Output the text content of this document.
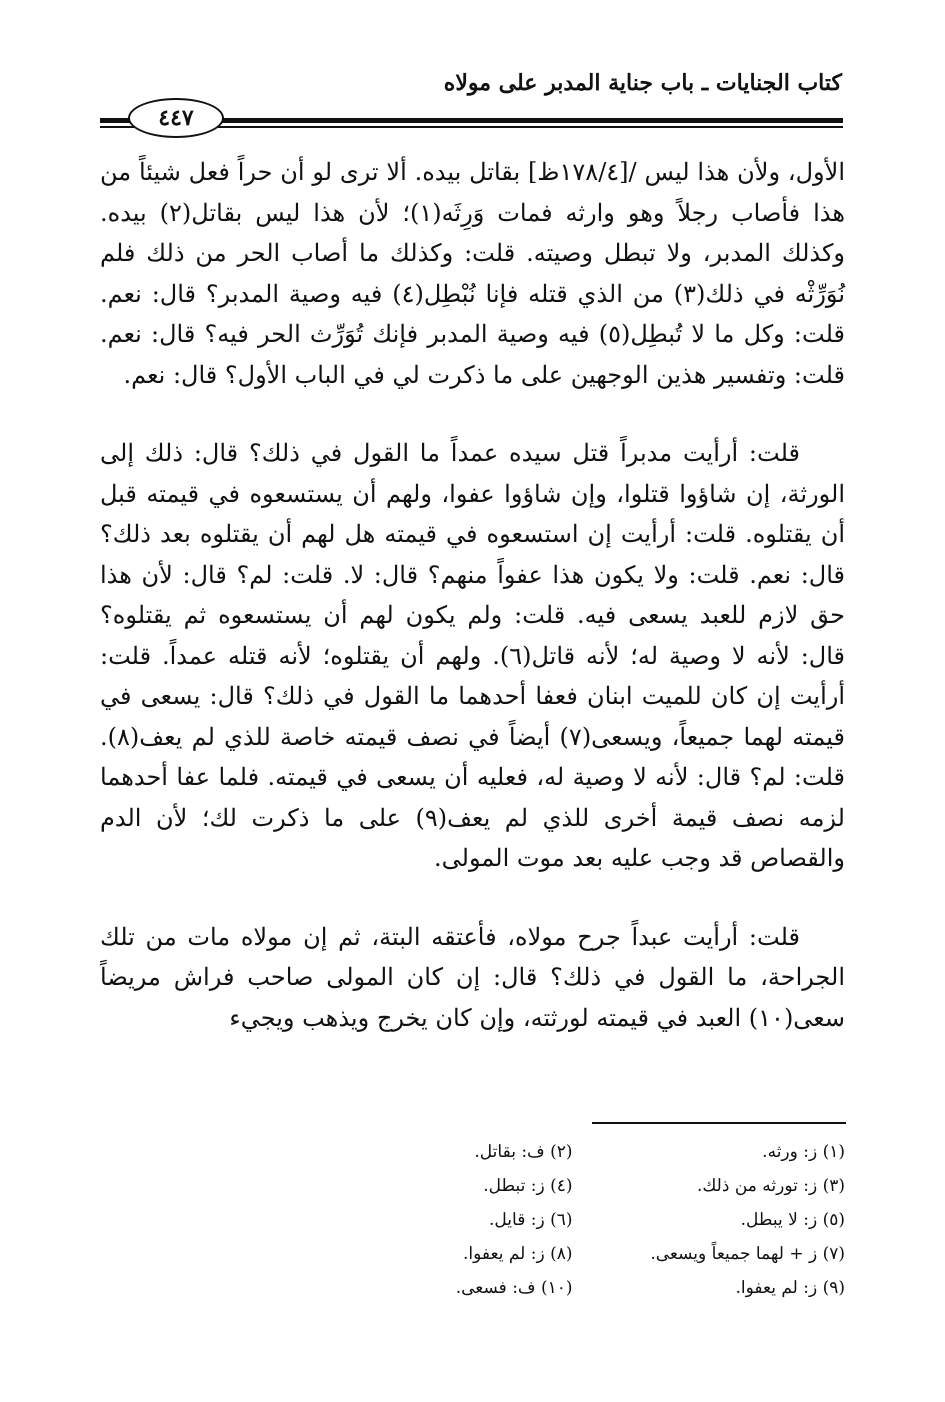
كتاب الجنايات ـ باب جناية المدبر على مولاه
٤٤٧

الأول، ولأن هذا ليس /[١٧٨/٤ظ] بقاتل بيده. ألا ترى لو أن حراً فعل شيئاً من هذا فأصاب رجلاً وهو وارثه فمات وَرِثَه(١)؛ لأن هذا ليس بقاتل(٢) بيده. وكذلك المدبر، ولا تبطل وصيته. قلت: وكذلك ما أصاب الحر من ذلك فلم نُوَرِّثْه في ذلك(٣) من الذي قتله فإنا نُبْطِل(٤) فيه وصية المدبر؟ قال: نعم. قلت: وكل ما لا تُبطِل(٥) فيه وصية المدبر فإنك تُوَرِّث الحر فيه؟ قال: نعم. قلت: وتفسير هذين الوجهين على ما ذكرت لي في الباب الأول؟ قال: نعم.

قلت: أرأيت مدبراً قتل سيده عمداً ما القول في ذلك؟ قال: ذلك إلى الورثة، إن شاؤوا قتلوا، وإن شاؤوا عفوا، ولهم أن يستسعوه في قيمته قبل أن يقتلوه. قلت: أرأيت إن استسعوه في قيمته هل لهم أن يقتلوه بعد ذلك؟ قال: نعم. قلت: ولا يكون هذا عفواً منهم؟ قال: لا. قلت: لم؟ قال: لأن هذا حق لازم للعبد يسعى فيه. قلت: ولم يكون لهم أن يستسعوه ثم يقتلوه؟ قال: لأنه لا وصية له؛ لأنه قاتل(٦). ولهم أن يقتلوه؛ لأنه قتله عمداً. قلت: أرأيت إن كان للميت ابنان فعفا أحدهما ما القول في ذلك؟ قال: يسعى في قيمته لهما جميعاً، ويسعى(٧) أيضاً في نصف قيمته خاصة للذي لم يعف(٨). قلت: لم؟ قال: لأنه لا وصية له، فعليه أن يسعى في قيمته. فلما عفا أحدهما لزمه نصف قيمة أخرى للذي لم يعف(٩) على ما ذكرت لك؛ لأن الدم والقصاص قد وجب عليه بعد موت المولى.

قلت: أرأيت عبداً جرح مولاه، فأعتقه البتة، ثم إن مولاه مات من تلك الجراحة، ما القول في ذلك؟ قال: إن كان المولى صاحب فراش مريضاً سعى(١٠) العبد في قيمته لورثته، وإن كان يخرج ويذهب ويجيء

(١) ز: ورثه.
(٢) ف: بقاتل.
(٣) ز: تورثه من ذلك.
(٤) ز: تبطل.
(٥) ز: لا يبطل.
(٦) ز: قايل.
(٧) ز + لهما جميعاً ويسعى.
(٨) ز: لم يعفوا.
(٩) ز: لم يعفوا.
(١٠) ف: فسعى.
